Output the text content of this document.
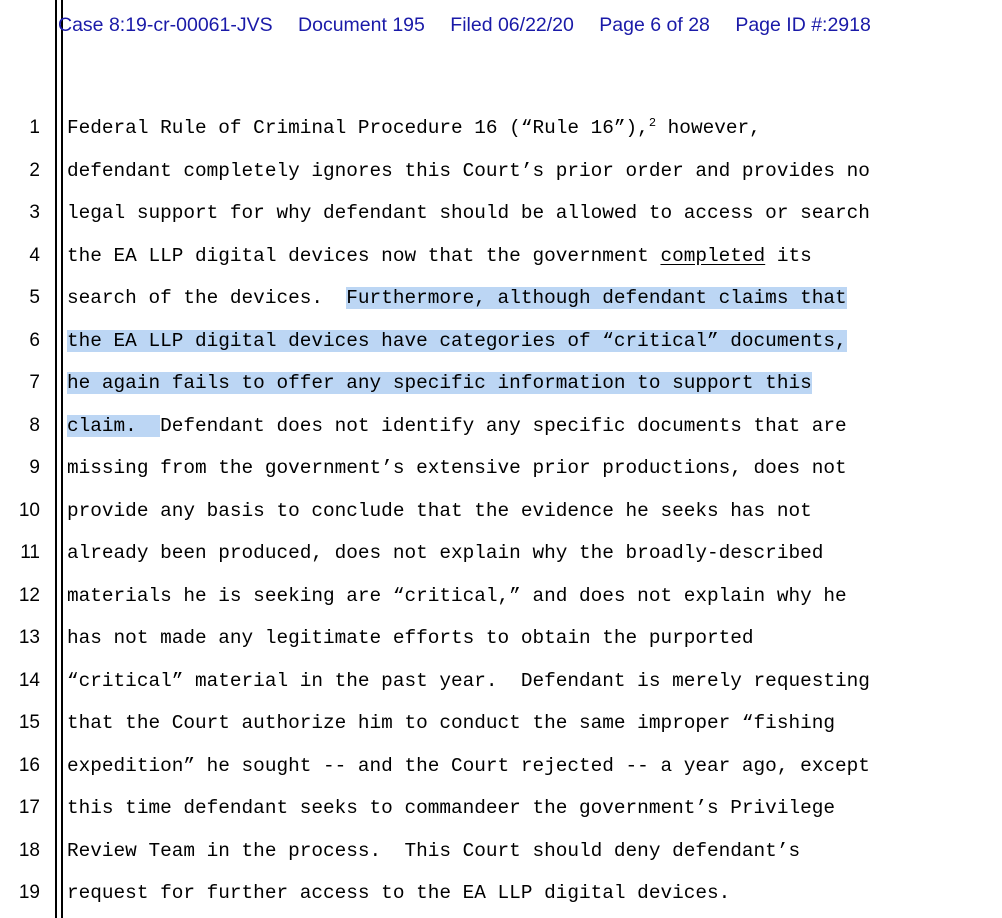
Case 8:19-cr-00061-JVS Document 195 Filed 06/22/20 Page 6 of 28 Page ID #:2918
1 Federal Rule of Criminal Procedure 16 (“Rule 16”),$^2$ however,
2 defendant completely ignores this Court’s prior order and provides no
3 legal support for why defendant should be allowed to access or search
4 the EA LLP digital devices now that the government completed its
5 search of the devices.  Furthermore, although defendant claims that
6 the EA LLP digital devices have categories of “critical” documents,
7 he again fails to offer any specific information to support this
8 claim.  Defendant does not identify any specific documents that are
9 missing from the government’s extensive prior productions, does not
10 provide any basis to conclude that the evidence he seeks has not
11 already been produced, does not explain why the broadly-described
12 materials he is seeking are “critical,” and does not explain why he
13 has not made any legitimate efforts to obtain the purported
14 “critical” material in the past year.  Defendant is merely requesting
15 that the Court authorize him to conduct the same improper “fishing
16 expedition” he sought -- and the Court rejected -- a year ago, except
17 this time defendant seeks to commandeer the government’s Privilege
18 Review Team in the process.  This Court should deny defendant’s
19 request for further access to the EA LLP digital devices.
